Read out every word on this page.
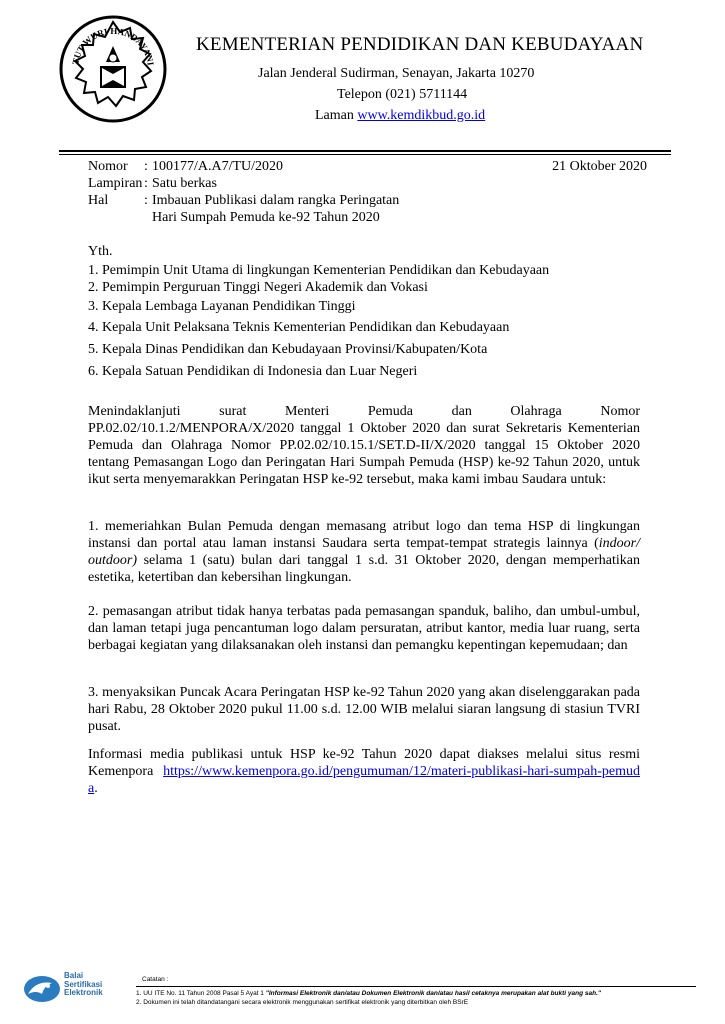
TUT WURI HANDAYANI
KEMENTERIAN PENDIDIKAN DAN KEBUDAYAAN
Jalan Jenderal Sudirman, Senayan, Jakarta 10270
Telepon (021) 5711144
Laman www.kemdikbud.go.id
Nomor : 100177/A.A7/TU/2020	21 Oktober 2020
Lampiran : Satu berkas
Hal	: Imbauan Publikasi dalam rangka Peringatan
Hari Sumpah Pemuda ke-92 Tahun 2020
Yth.
1. Pemimpin Unit Utama di lingkungan Kementerian Pendidikan dan Kebudayaan
2. Pemimpin Perguruan Tinggi Negeri Akademik dan Vokasi
3. Kepala Lembaga Layanan Pendidikan Tinggi
4. Kepala Unit Pelaksana Teknis Kementerian Pendidikan dan Kebudayaan
5. Kepala Dinas Pendidikan dan Kebudayaan Provinsi/Kabupaten/Kota
6. Kepala Satuan Pendidikan di Indonesia dan Luar Negeri
Menindaklanjuti surat Menteri Pemuda dan Olahraga Nomor
PP.02.02/10.1.2/MENPORA/X/2020 tanggal 1 Oktober 2020 dan surat Sekretaris Kementerian Pemuda dan Olahraga Nomor PP.02.02/10.15.1/SET.D-II/X/2020 tanggal 15 Oktober 2020 tentang Pemasangan Logo dan Peringatan Hari Sumpah Pemuda (HSP) ke-92 Tahun 2020, untuk ikut serta menyemarakkan Peringatan HSP ke-92 tersebut, maka kami imbau Saudara untuk:
1. memeriahkan Bulan Pemuda dengan memasang atribut logo dan tema HSP di lingkungan instansi dan portal atau laman instansi Saudara serta tempat-tempat strategis lainnya (indoor/ outdoor) selama 1 (satu) bulan dari tanggal 1 s.d. 31 Oktober 2020, dengan memperhatikan estetika, ketertiban dan kebersihan lingkungan.
2. pemasangan atribut tidak hanya terbatas pada pemasangan spanduk, baliho, dan umbul-umbul, dan laman tetapi juga pencantuman logo dalam persuratan, atribut kantor, media luar ruang, serta berbagai kegiatan yang dilaksanakan oleh instansi dan pemangku kepentingan kepemudaan; dan
3. menyaksikan Puncak Acara Peringatan HSP ke-92 Tahun 2020 yang akan diselenggarakan pada hari Rabu, 28 Oktober 2020 pukul 11.00 s.d. 12.00 WIB melalui siaran langsung di stasiun TVRI pusat.
Informasi media publikasi untuk HSP ke-92 Tahun 2020 dapat diakses melalui situs resmi Kemenpora https://www.kemenpora.go.id/pengumuman/12/materi-publikasi-hari-sumpah-pemuda.
Balai
Sertifikasi
Elektronik
Catatan :
1. UU ITE No. 11 Tahun 2008 Pasal 5 Ayat 1 "Informasi Elektronik dan/atau Dokumen Elektronik dan/atau hasil cetaknya merupakan alat bukti yang sah."
2. Dokumen ini telah ditandatangani secara elektronik menggunakan sertifikat elektronik yang diterbitkan oleh BSrE
